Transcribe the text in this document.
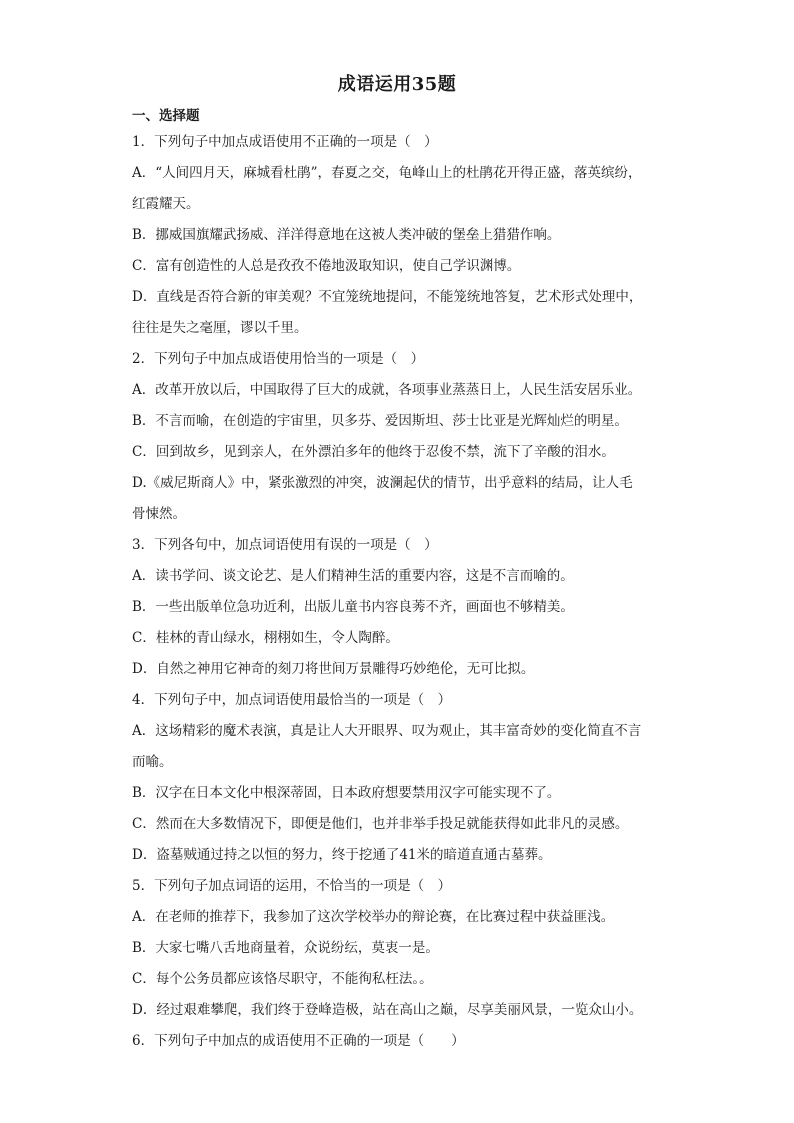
成语运用35题
一、选择题
1．下列句子中加点成语使用不正确的一项是（　）
A．“人间四月天，麻城看杜鹃”，春夏之交，龟峰山上的杜鹃花开得正盛，落英缤纷，
红霞耀天。
B．挪威国旗耀武扬威、洋洋得意地在这被人类冲破的堡垒上猎猎作响。
C．富有创造性的人总是孜孜不倦地汲取知识，使自己学识渊博。
D．直线是否符合新的审美观？不宜笼统地提问，不能笼统地答复，艺术形式处理中，
往往是失之毫厘，谬以千里。
2．下列句子中加点成语使用恰当的一项是（　）
A．改革开放以后，中国取得了巨大的成就，各项事业蒸蒸日上，人民生活安居乐业。
B．不言而喻，在创造的宇宙里，贝多芬、爱因斯坦、莎士比亚是光辉灿烂的明星。
C．回到故乡，见到亲人，在外漂泊多年的他终于忍俊不禁，流下了辛酸的泪水。
D.《威尼斯商人》中，紧张激烈的冲突，波澜起伏的情节，出乎意料的结局，让人毛
骨悚然。
3．下列各句中，加点词语使用有误的一项是（　）
A．读书学问、谈文论艺、是人们精神生活的重要内容，这是不言而喻的。
B．一些出版单位急功近利，出版儿童书内容良莠不齐，画面也不够精美。
C．桂林的青山绿水，栩栩如生，令人陶醉。
D．自然之神用它神奇的刻刀将世间万景雕得巧妙绝伦，无可比拟。
4．下列句子中，加点词语使用最恰当的一项是（　）
A．这场精彩的魔术表演，真是让人大开眼界、叹为观止，其丰富奇妙的变化简直不言
而喻。
B．汉字在日本文化中根深蒂固，日本政府想要禁用汉字可能实现不了。
C．然而在大多数情况下，即便是他们，也并非举手投足就能获得如此非凡的灵感。
D．盗墓贼通过持之以恒的努力，终于挖通了41米的暗道直通古墓葬。
5．下列句子加点词语的运用，不恰当的一项是（　）
A．在老师的推荐下，我参加了这次学校举办的辩论赛，在比赛过程中获益匪浅。
B．大家七嘴八舌地商量着，众说纷纭，莫衷一是。
C．每个公务员都应该恪尽职守，不能徇私枉法。。
D．经过艰难攀爬，我们终于登峰造极，站在高山之巅，尽享美丽风景，一览众山小。
6．下列句子中加点的成语使用不正确的一项是（　　）
